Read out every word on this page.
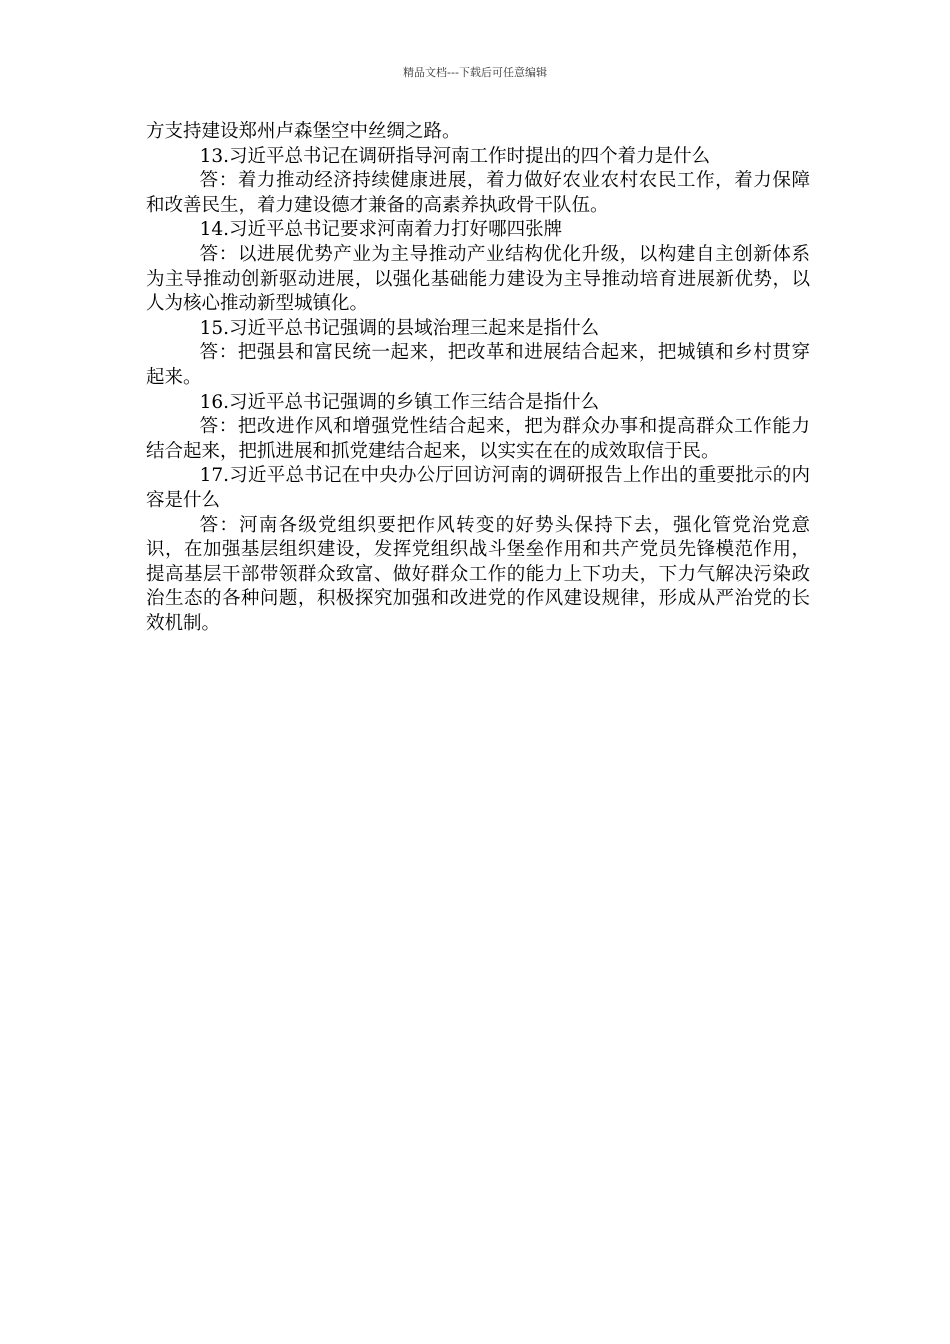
精品文档---下载后可任意编辑

方支持建设郑州卢森堡空中丝绸之路。

13.习近平总书记在调研指导河南工作时提出的四个着力是什么

答：着力推动经济持续健康进展，着力做好农业农村农民工作，着力保障和改善民生，着力建设德才兼备的高素养执政骨干队伍。

14.习近平总书记要求河南着力打好哪四张牌

答：以进展优势产业为主导推动产业结构优化升级，以构建自主创新体系为主导推动创新驱动进展，以强化基础能力建设为主导推动培育进展新优势，以人为核心推动新型城镇化。

15.习近平总书记强调的县域治理三起来是指什么

答：把强县和富民统一起来，把改革和进展结合起来，把城镇和乡村贯穿起来。

16.习近平总书记强调的乡镇工作三结合是指什么

答：把改进作风和增强党性结合起来，把为群众办事和提高群众工作能力结合起来，把抓进展和抓党建结合起来，以实实在在的成效取信于民。

17.习近平总书记在中央办公厅回访河南的调研报告上作出的重要批示的内容是什么

答：河南各级党组织要把作风转变的好势头保持下去，强化管党治党意识，在加强基层组织建设，发挥党组织战斗堡垒作用和共产党员先锋模范作用，提高基层干部带领群众致富、做好群众工作的能力上下功夫，下力气解决污染政治生态的各种问题，积极探究加强和改进党的作风建设规律，形成从严治党的长效机制。
